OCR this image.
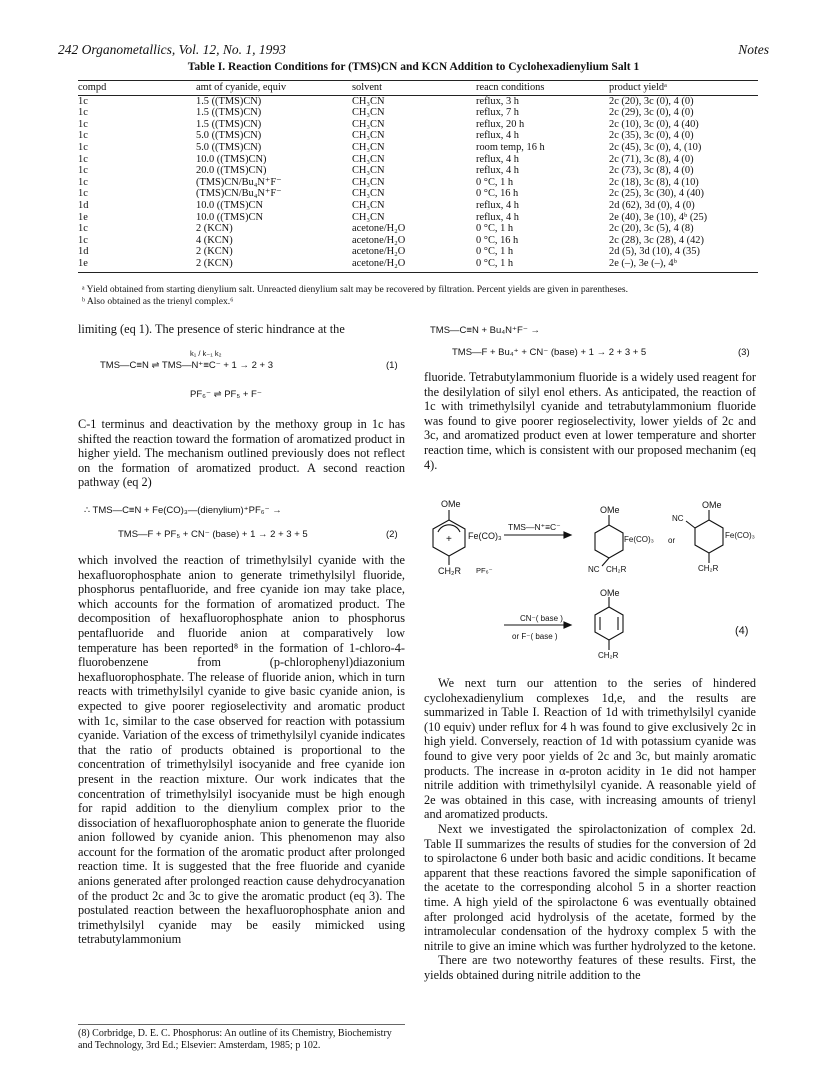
242 Organometallics, Vol. 12, No. 1, 1993	Notes
Table I. Reaction Conditions for (TMS)CN and KCN Addition to Cyclohexadienylium Salt 1
compd	amt of cyanide, equiv	solvent	reacn conditions	product yieldᵃ
1c	1.5 ((TMS)CN)	CH₃CN	reflux, 3 h	2c (20), 3c (0), 4 (0)
1c	1.5 ((TMS)CN)	CH₃CN	reflux, 7 h	2c (29), 3c (0), 4 (0)
1c	1.5 ((TMS)CN)	CH₃CN	reflux, 20 h	2c (10), 3c (0), 4 (40)
1c	5.0 ((TMS)CN)	CH₃CN	reflux, 4 h	2c (35), 3c (0), 4 (0)
1c	5.0 ((TMS)CN)	CH₃CN	room temp, 16 h	2c (45), 3c (0), 4, (10)
1c	10.0 ((TMS)CN)	CH₃CN	reflux, 4 h	2c (71), 3c (8), 4 (0)
1c	20.0 ((TMS)CN)	CH₃CN	reflux, 4 h	2c (73), 3c (8), 4 (0)
1c	(TMS)CN/Bu₄N⁺F⁻	CH₃CN	0 °C, 1 h	2c (18), 3c (8), 4 (10)
1c	(TMS)CN/Bu₄N⁺F⁻	CH₃CN	0 °C, 16 h	2c (25), 3c (30), 4 (40)
1d	10.0 ((TMS)CN	CH₃CN	reflux, 4 h	2d (62), 3d (0), 4 (0)
1e	10.0 ((TMS)CN	CH₃CN	reflux, 4 h	2e (40), 3e (10), 4ᵇ (25)
1c	2 (KCN)	acetone/H₂O	0 °C, 1 h	2c (20), 3c (5), 4 (8)
1c	4 (KCN)	acetone/H₂O	0 °C, 16 h	2c (28), 3c (28), 4 (42)
1d	2 (KCN)	acetone/H₂O	0 °C, 1 h	2d (5), 3d (10), 4 (35)
1e	2 (KCN)	acetone/H₂O	0 °C, 1 h	2e (–), 3e (–), 4ᵇ
ᵃ Yield obtained from starting dienylium salt. Unreacted dienylium salt may be recovered by filtration. Percent yields are given in parentheses.
ᵇ Also obtained as the trienyl complex.⁶
limiting (eq 1). The presence of steric hindrance at the
TMS—C≡N ⇌ TMS—N⁺≡C⁻ + 1 → 2 + 3
k₁ / k₋₁ k₂
PF₆⁻ ⇌ PF₅ + F⁻
(1)

C-1 terminus and deactivation by the methoxy group in 1c has shifted the reaction toward the formation of aromatized product in higher yield. The mechanism outlined previously does not reflect on the formation of aromatized product. A second reaction pathway (eq 2)

∴ TMS—C≡N + Fe(CO)₃—(dienylium)⁺PF₆⁻ →
TMS—F + PF₅ + CN⁻ (base) + 1 → 2 + 3 + 5	(2)

which involved the reaction of trimethylsilyl cyanide with the hexafluorophosphate anion to generate trimethylsilyl fluoride, phosphorus pentafluoride, and free cyanide ion may take place, which accounts for the formation of aromatized product. The decomposition of hexafluorophosphate anion to phosphorus pentafluoride and fluoride anion at comparatively low temperature has been reported⁸ in the formation of 1-chloro-4-fluorobenzene from (p-chlorophenyl)diazonium hexafluorophosphate. The release of fluoride anion, which in turn reacts with trimethylsilyl cyanide to give basic cyanide anion, is expected to give poorer regioselectivity and aromatic product with 1c, similar to the case observed for reaction with potassium cyanide. Variation of the excess of trimethylsilyl cyanide indicates that the ratio of products obtained is proportional to the concentration of trimethylsilyl isocyanide and free cyanide ion present in the reaction mixture. Our work indicates that the concentration of trimethylsilyl isocyanide must be high enough for rapid addition to the dienylium complex prior to the dissociation of hexafluorophosphate anion to generate the fluoride anion followed by cyanide anion. This phenomenon may also account for the formation of the aromatic product after prolonged reaction time. It is suggested that the free fluoride and cyanide anions generated after prolonged reaction cause dehydrocyanation of the product 2c and 3c to give the aromatic product (eq 3). The postulated reaction between the hexafluorophosphate anion and trimethylsilyl cyanide may be easily mimicked using tetrabutylammonium

(8) Corbridge, D. E. C. Phosphorus: An outline of its Chemistry, Biochemistry and Technology, 3rd Ed.; Elsevier: Amsterdam, 1985; p 102.
TMS—C≡N + Bu₄N⁺F⁻ →
TMS—F + Bu₄⁺ + CN⁻ (base) + 1 → 2 + 3 + 5	(3)

fluoride. Tetrabutylammonium fluoride is a widely used reagent for the desilylation of silyl enol ethers. As anticipated, the reaction of 1c with trimethylsilyl cyanide and tetrabutylammonium fluoride was found to give poorer regioselectivity, lower yields of 2c and 3c, and aromatized product even at lower temperature and shorter reaction time, which is consistent with our proposed mechanim (eq 4).

+
OMe
Fe(CO)₃
CH₂R PF₆⁻
TMS—N⁺≡C⁻
OMe
Fe(CO)₃ or
NC CH₂R
OMe
NC
Fe(CO)₃
CH₂R
CN⁻( base )
or F⁻( base )
OMe
CH₂R
(4)

We next turn our attention to the series of hindered cyclohexadienylium complexes 1d,e, and the results are summarized in Table I. Reaction of 1d with trimethylsilyl cyanide (10 equiv) under reflux for 4 h was found to give exclusively 2c in high yield. Conversely, reaction of 1d with potassium cyanide was found to give very poor yields of 2c and 3c, but mainly aromatic products. The increase in α-proton acidity in 1e did not hamper nitrile addition with trimethylsilyl cyanide. A reasonable yield of 2e was obtained in this case, with increasing amounts of trienyl and aromatized products.

Next we investigated the spirolactonization of complex 2d. Table II summarizes the results of studies for the conversion of 2d to spirolactone 6 under both basic and acidic conditions. It became apparent that these reactions favored the simple saponification of the acetate to the corresponding alcohol 5 in a shorter reaction time. A high yield of the spirolactone 6 was eventually obtained after prolonged acid hydrolysis of the acetate, formed by the intramolecular condensation of the hydroxy complex 5 with the nitrile to give an imine which was further hydrolyzed to the ketone.

There are two noteworthy features of these results. First, the yields obtained during nitrile addition to the
